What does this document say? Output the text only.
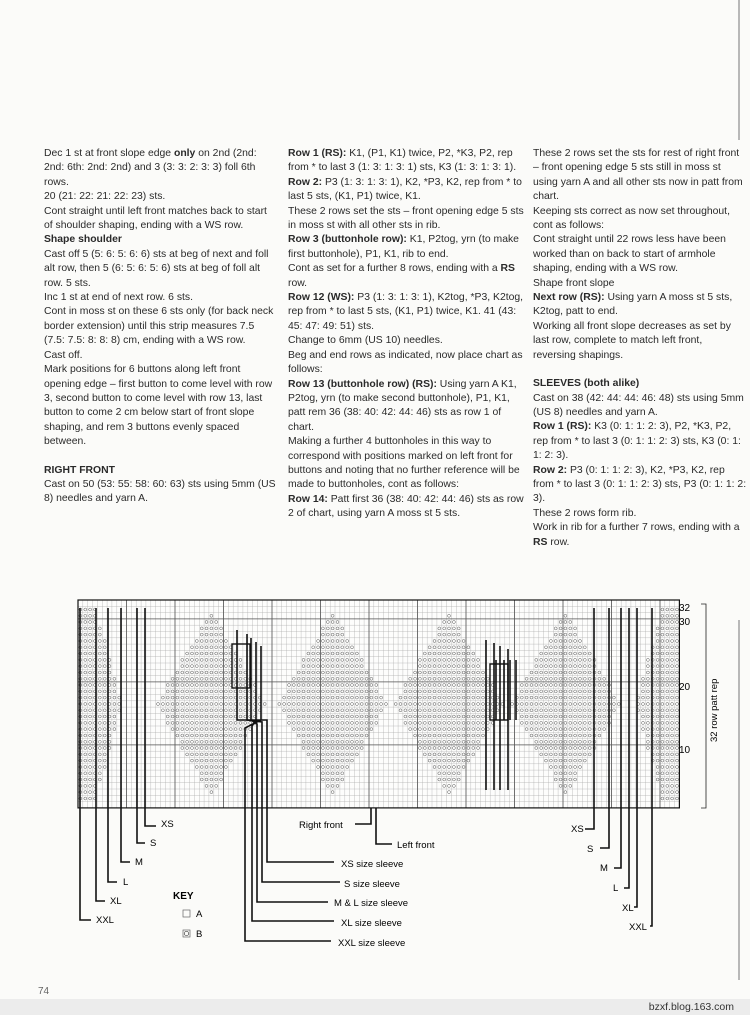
Dec 1 st at front slope edge only on 2nd (2nd: 2nd: 6th: 2nd: 2nd) and 3 (3: 3: 2: 3: 3) foll 6th rows.

20 (21: 22: 21: 22: 23) sts.

Cont straight until left front matches back to start of shoulder shaping, ending with a WS row.

Shape shoulder

Cast off 5 (5: 6: 5: 6: 6) sts at beg of next and foll alt row, then 5 (6: 5: 6: 5: 6) sts at beg of foll alt row. 5 sts.

Inc 1 st at end of next row. 6 sts.

Cont in moss st on these 6 sts only (for back neck border extension) until this strip measures 7.5 (7.5: 7.5: 8: 8: 8) cm, ending with a WS row.

Cast off.

Mark positions for 6 buttons along left front opening edge – first button to come level with row 3, second button to come level with row 13, last button to come 2 cm below start of front slope shaping, and rem 3 buttons evenly spaced between.

RIGHT FRONT

Cast on 50 (53: 55: 58: 60: 63) sts using 5mm (US 8) needles and yarn A.

Row 1 (RS): K1, (P1, K1) twice, P2, *K3, P2, rep from * to last 3 (1: 3: 1: 3: 1) sts, K3 (1: 3: 1: 3: 1).

Row 2: P3 (1: 3: 1: 3: 1), K2, *P3, K2, rep from * to last 5 sts, (K1, P1) twice, K1.

These 2 rows set the sts – front opening edge 5 sts in moss st with all other sts in rib.

Row 3 (buttonhole row): K1, P2tog, yrn (to make first buttonhole), P1, K1, rib to end.

Cont as set for a further 8 rows, ending with a RS row.

Row 12 (WS): P3 (1: 3: 1: 3: 1), K2tog, *P3, K2tog, rep from * to last 5 sts, (K1, P1) twice, K1. 41 (43: 45: 47: 49: 51) sts.

Change to 6mm (US 10) needles.

Beg and end rows as indicated, now place chart as follows:

Row 13 (buttonhole row) (RS): Using yarn A K1, P2tog, yrn (to make second buttonhole), P1, K1, patt rem 36 (38: 40: 42: 44: 46) sts as row 1 of chart.

Making a further 4 buttonholes in this way to correspond with positions marked on left front for buttons and noting that no further reference will be made to buttonholes, cont as follows:

Row 14: Patt first 36 (38: 40: 42: 44: 46) sts as row 2 of chart, using yarn A moss st 5 sts.

These 2 rows set the sts for rest of right front – front opening edge 5 sts still in moss st using yarn A and all other sts now in patt from chart.

Keeping sts correct as now set throughout, cont as follows:

Cont straight until 22 rows less have been worked than on back to start of armhole shaping, ending with a WS row.

Shape front slope

Next row (RS): Using yarn A moss st 5 sts, K2tog, patt to end.

Working all front slope decreases as set by last row, complete to match left front, reversing shapings.

SLEEVES (both alike)

Cast on 38 (42: 44: 44: 46: 48) sts using 5mm (US 8) needles and yarn A.

Row 1 (RS): K3 (0: 1: 1: 2: 3), P2, *K3, P2, rep from * to last 3 (0: 1: 1: 2: 3) sts, K3 (0: 1: 1: 2: 3).

Row 2: P3 (0: 1: 1: 2: 3), K2, *P3, K2, rep from * to last 3 (0: 1: 1: 2: 3) sts, P3 (0: 1: 1: 2: 3).

These 2 rows form rib.

Work in rib for a further 7 rows, ending with a RS row.

32
30
20
10
32 row patt rep
XS
S
M
L
XL
XXL
XS
S
M
L
XL
XXL
Right front
Left front
XS size sleeve
S size sleeve
M & L size sleeve
XL size sleeve
XXL size sleeve
KEY
A
B
74
bzxf.blog.163.com
